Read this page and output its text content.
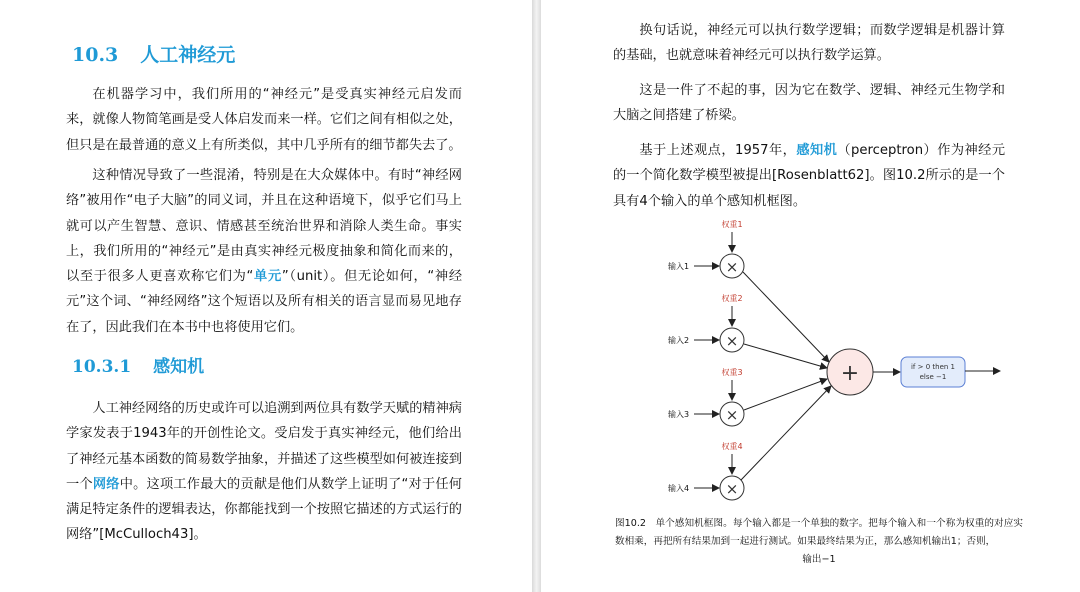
10.3 人工神经元

在机器学习中，我们所用的“神经元”是受真实神经元启发而来，就像人物简笔画是受人体启发而来一样。它们之间有相似之处，但只是在最普通的意义上有所类似，其中几乎所有的细节都失去了。

这种情况导致了一些混淆，特别是在大众媒体中。有时“神经网络”被用作“电子大脑”的同义词，并且在这种语境下，似乎它们马上就可以产生智慧、意识、情感甚至统治世界和消除人类生命。事实上，我们所用的“神经元”是由真实神经元极度抽象和简化而来的，以至于很多人更喜欢称它们为“单元”（unit）。但无论如何，“神经元”这个词、“神经网络”这个短语以及所有相关的语言显而易见地存在了，因此我们在本书中也将使用它们。

10.3.1 感知机

人工神经网络的历史或许可以追溯到两位具有数学天赋的精神病学家发表于1943年的开创性论文。受启发于真实神经元，他们给出了神经元基本函数的简易数学抽象，并描述了这些模型如何被连接到一个网络中。这项工作最大的贡献是他们从数学上证明了“对于任何满足特定条件的逻辑表达，你都能找到一个按照它描述的方式运行的网络”[McCulloch43]。

换句话说，神经元可以执行数学逻辑；而数学逻辑是机器计算的基础，也就意味着神经元可以执行数学运算。

这是一件了不起的事，因为它在数学、逻辑、神经元生物学和大脑之间搭建了桥梁。

基于上述观点，1957年，感知机（perceptron）作为神经元的一个简化数学模型被提出[Rosenblatt62]。图10.2所示的是一个具有4个输入的单个感知机框图。

权重1
输入1 ×
权重2
输入2 ×
权重3
输入3 ×
权重4
输入4 ×
+	if > 0 then 1
else −1
图10.2 单个感知机框图。每个输入都是一个单独的数字。把每个输入和一个称为权重的对应实数相乘，再把所有结果加到一起进行测试。如果最终结果为正，那么感知机输出1；否则，
输出−1
